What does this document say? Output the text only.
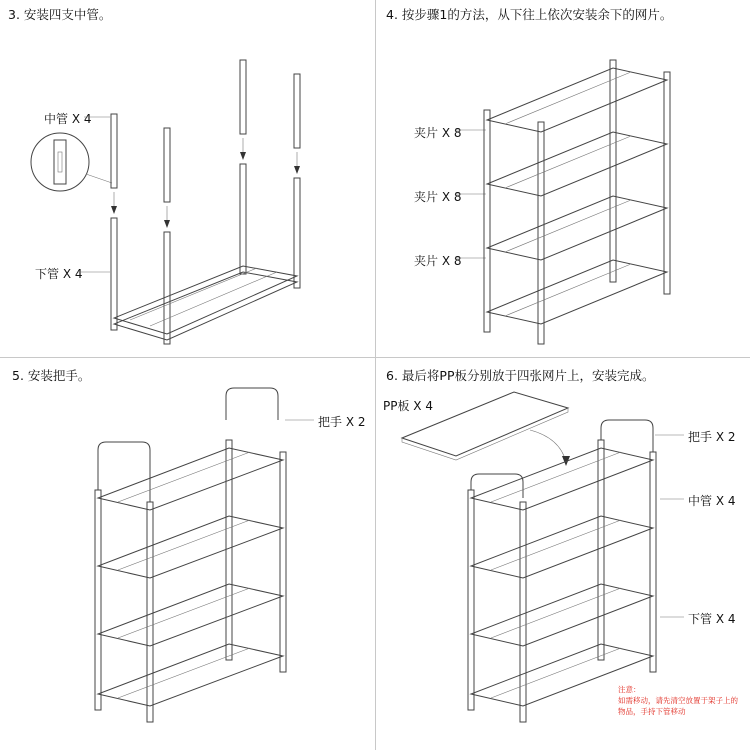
3. 安装四支中管。	4. 按步骤1的方法，从下往上依次安装余下的网片。
5. 安装把手。	6. 最后将PP板分别放于四张网片上，安装完成。
中管 X 4
下管 X 4
夹片 X 8
夹片 X 8
夹片 X 8
把手 X 2
PP板 X 4
把手 X 2
中管 X 4
下管 X 4
注意：
如需移动，请先清空放置于架子上的
物品，手持下管移动
